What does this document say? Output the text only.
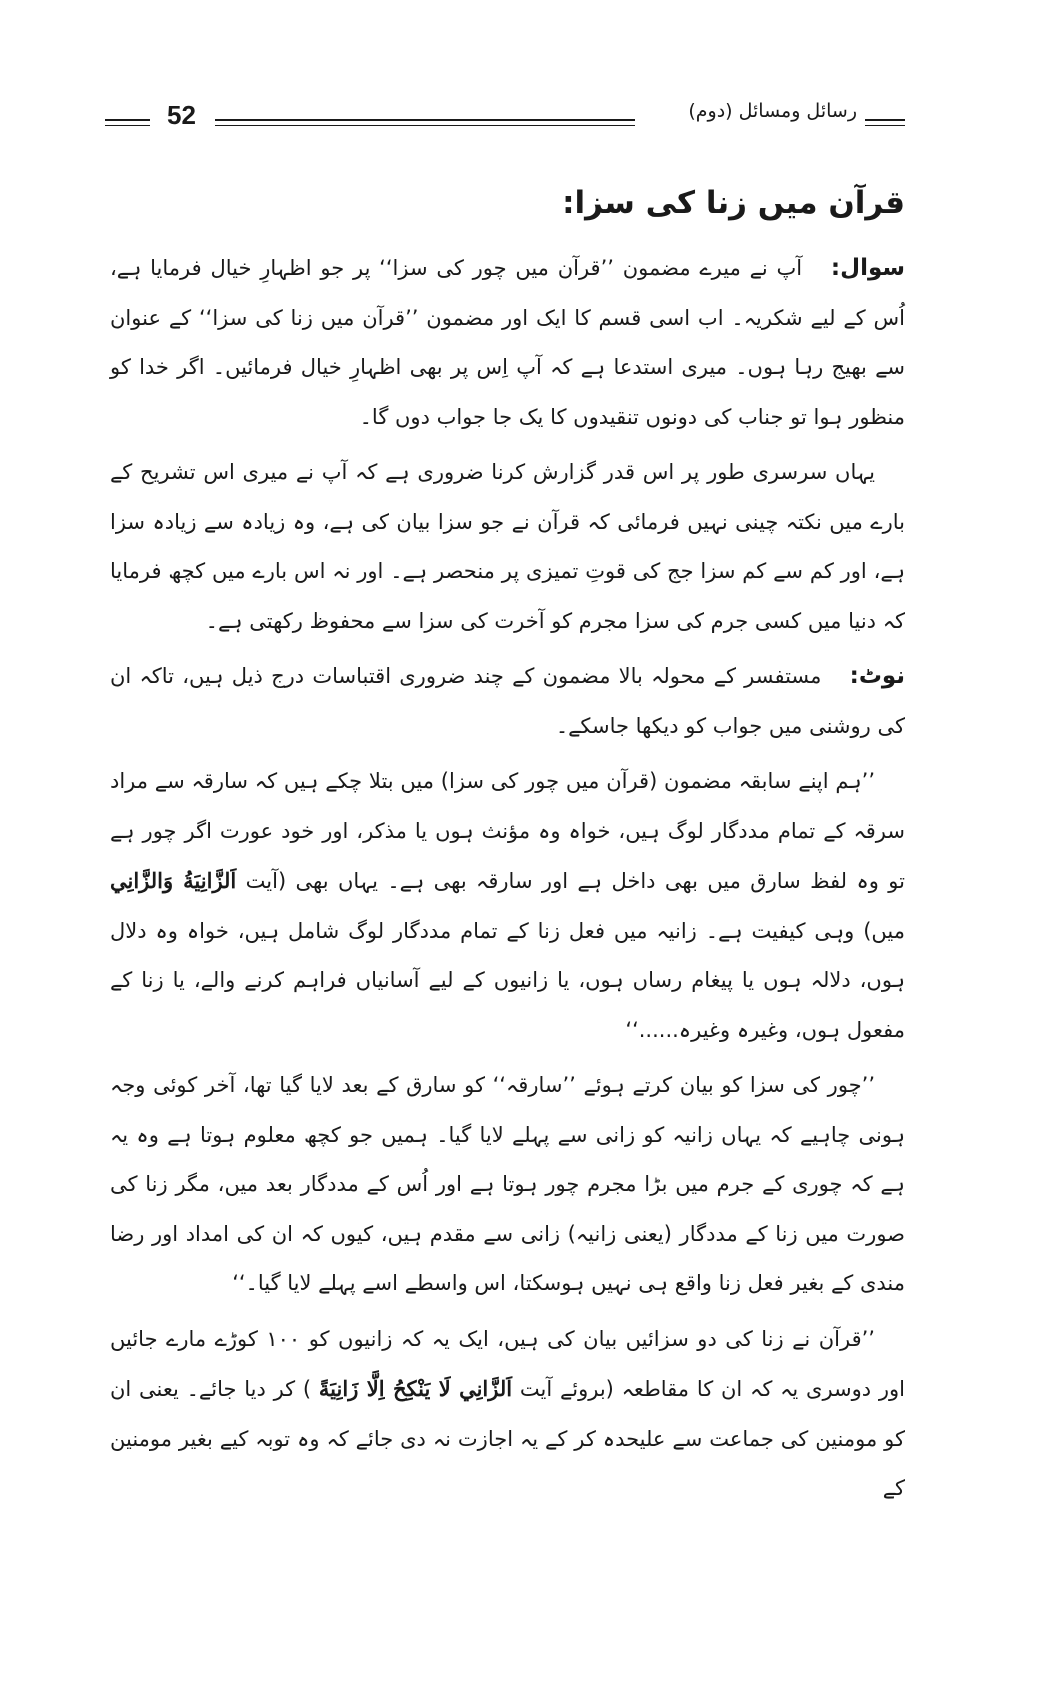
52	رسائل ومسائل (دوم)
قرآن میں زنا کی سزا:

سوال: آپ نے میرے مضمون ’’قرآن میں چور کی سزا‘‘ پر جو اظہارِ خیال فرمایا ہے، اُس کے لیے شکریہ۔ اب اسی قسم کا ایک اور مضمون ’’قرآن میں زنا کی سزا‘‘ کے عنوان سے بھیج رہا ہوں۔ میری استدعا ہے کہ آپ اِس پر بھی اظہارِ خیال فرمائیں۔ اگر خدا کو منظور ہوا تو جناب کی دونوں تنقیدوں کا یک جا جواب دوں گا۔

یہاں سرسری طور پر اس قدر گزارش کرنا ضروری ہے کہ آپ نے میری اس تشریح کے بارے میں نکتہ چینی نہیں فرمائی کہ قرآن نے جو سزا بیان کی ہے، وہ زیادہ سے زیادہ سزا ہے، اور کم سے کم سزا جج کی قوتِ تمیزی پر منحصر ہے۔ اور نہ اس بارے میں کچھ فرمایا کہ دنیا میں کسی جرم کی سزا مجرم کو آخرت کی سزا سے محفوظ رکھتی ہے۔

نوٹ: مستفسر کے محولہ بالا مضمون کے چند ضروری اقتباسات درج ذیل ہیں، تاکہ ان کی روشنی میں جواب کو دیکھا جاسکے۔

’’ہم اپنے سابقہ مضمون (قرآن میں چور کی سزا) میں بتلا چکے ہیں کہ سارقہ سے مراد سرقہ کے تمام مددگار لوگ ہیں، خواہ وہ مؤنث ہوں یا مذکر، اور خود عورت اگر چور ہے تو وہ لفظ سارق میں بھی داخل ہے اور سارقہ بھی ہے۔ یہاں بھی (آیت اَلزَّانِيَةُ وَالزَّانِي میں) وہی کیفیت ہے۔ زانیہ میں فعل زنا کے تمام مددگار لوگ شامل ہیں، خواہ وہ دلال ہوں، دلالہ ہوں یا پیغام رساں ہوں، یا زانیوں کے لیے آسانیاں فراہم کرنے والے، یا زنا کے مفعول ہوں، وغیرہ وغیرہ......‘‘

’’چور کی سزا کو بیان کرتے ہوئے ’’سارقہ‘‘ کو سارق کے بعد لایا گیا تھا، آخر کوئی وجہ ہونی چاہیے کہ یہاں زانیہ کو زانی سے پہلے لایا گیا۔ ہمیں جو کچھ معلوم ہوتا ہے وہ یہ ہے کہ چوری کے جرم میں بڑا مجرم چور ہوتا ہے اور اُس کے مددگار بعد میں، مگر زنا کی صورت میں زنا کے مددگار (یعنی زانیہ) زانی سے مقدم ہیں، کیوں کہ ان کی امداد اور رضا مندی کے بغیر فعل زنا واقع ہی نہیں ہوسکتا، اس واسطے اسے پہلے لایا گیا۔‘‘

’’قرآن نے زنا کی دو سزائیں بیان کی ہیں، ایک یہ کہ زانیوں کو ۱۰۰ کوڑے مارے جائیں اور دوسری یہ کہ ان کا مقاطعہ (بروئے آیت اَلزَّانِي لَا يَنْكِحُ اِلَّا زَانِيَةً ) کر دیا جائے۔ یعنی ان کو مومنین کی جماعت سے علیحدہ کر کے یہ اجازت نہ دی جائے کہ وہ توبہ کیے بغیر مومنین کے
